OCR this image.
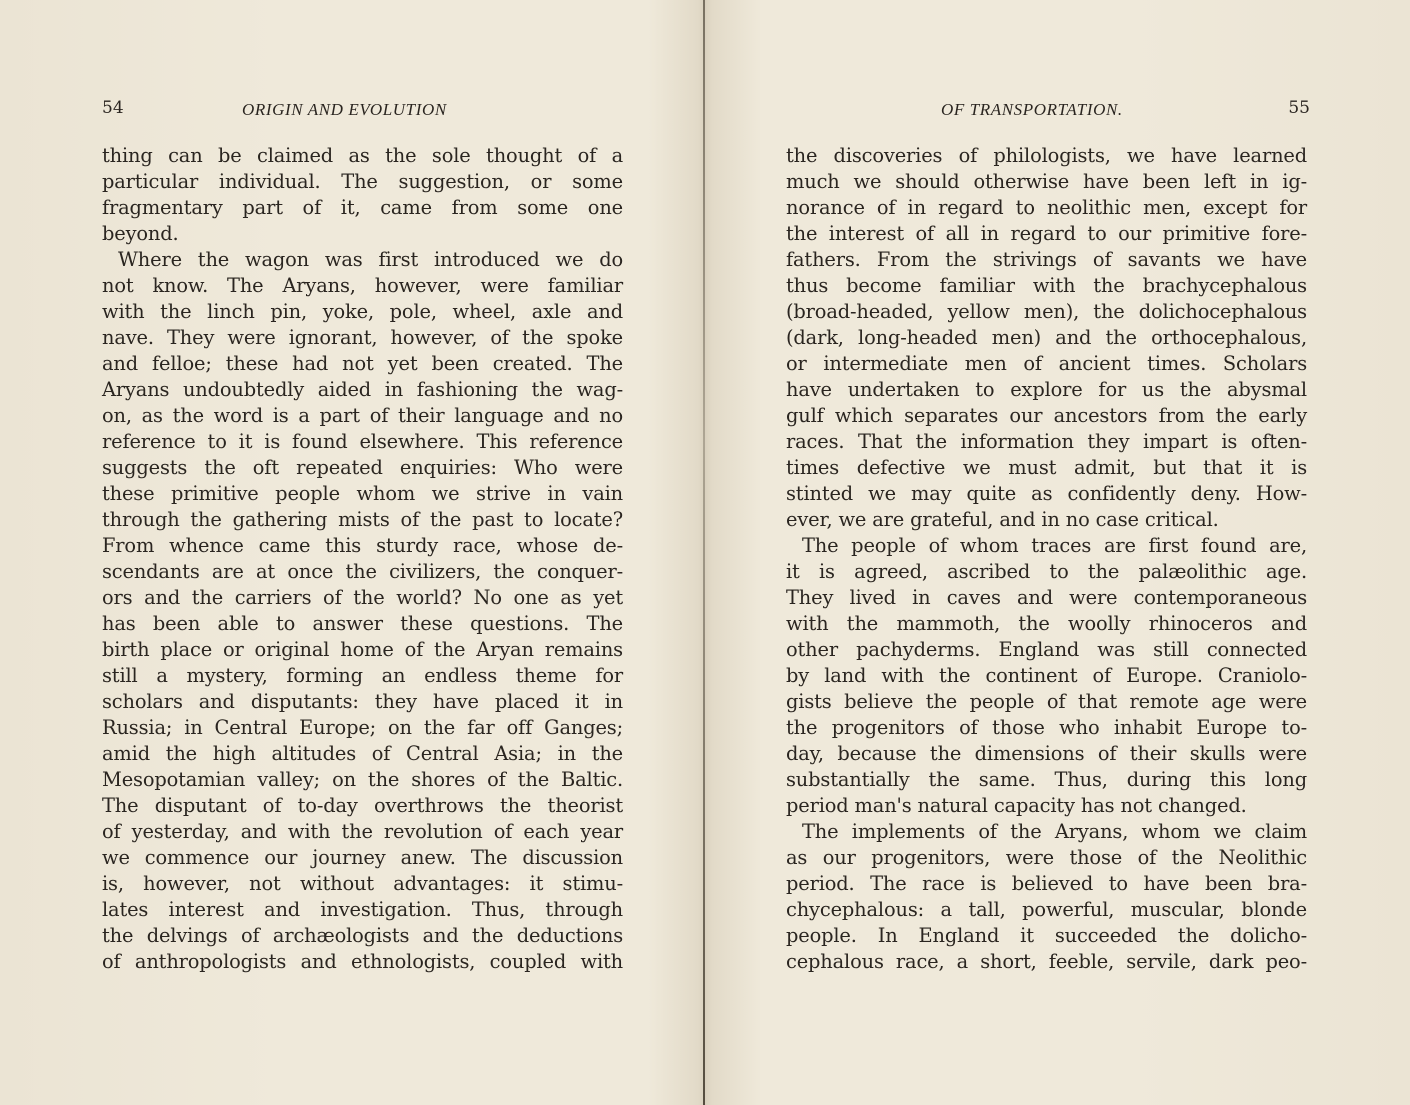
54	ORIGIN AND EVOLUTION
thing can be claimed as the sole thought of a
particular individual. The suggestion, or some
fragmentary part of it, came from some one
beyond.
Where the wagon was first introduced we do
not know. The Aryans, however, were familiar
with the linch pin, yoke, pole, wheel, axle and
nave. They were ignorant, however, of the spoke
and felloe; these had not yet been created. The
Aryans undoubtedly aided in fashioning the wag-
on, as the word is a part of their language and no
reference to it is found elsewhere. This reference
suggests the oft repeated enquiries: Who were
these primitive people whom we strive in vain
through the gathering mists of the past to locate?
From whence came this sturdy race, whose de-
scendants are at once the civilizers, the conquer-
ors and the carriers of the world? No one as yet
has been able to answer these questions. The
birth place or original home of the Aryan remains
still a mystery, forming an endless theme for
scholars and disputants: they have placed it in
Russia; in Central Europe; on the far off Ganges;
amid the high altitudes of Central Asia; in the
Mesopotamian valley; on the shores of the Baltic.
The disputant of to-day overthrows the theorist
of yesterday, and with the revolution of each year
we commence our journey anew. The discussion
is, however, not without advantages: it stimu-
lates interest and investigation. Thus, through
the delvings of archæologists and the deductions
of anthropologists and ethnologists, coupled with
OF TRANSPORTATION.	55
the discoveries of philologists, we have learned
much we should otherwise have been left in ig-
norance of in regard to neolithic men, except for
the interest of all in regard to our primitive fore-
fathers. From the strivings of savants we have
thus become familiar with the brachycephalous
(broad-headed, yellow men), the dolichocephalous
(dark, long-headed men) and the orthocephalous,
or intermediate men of ancient times. Scholars
have undertaken to explore for us the abysmal
gulf which separates our ancestors from the early
races. That the information they impart is often-
times defective we must admit, but that it is
stinted we may quite as confidently deny. How-
ever, we are grateful, and in no case critical.
The people of whom traces are first found are,
it is agreed, ascribed to the palæolithic age.
They lived in caves and were contemporaneous
with the mammoth, the woolly rhinoceros and
other pachyderms. England was still connected
by land with the continent of Europe. Craniolo-
gists believe the people of that remote age were
the progenitors of those who inhabit Europe to-
day, because the dimensions of their skulls were
substantially the same. Thus, during this long
period man's natural capacity has not changed.
The implements of the Aryans, whom we claim
as our progenitors, were those of the Neolithic
period. The race is believed to have been bra-
chycephalous: a tall, powerful, muscular, blonde
people. In England it succeeded the dolicho-
cephalous race, a short, feeble, servile, dark peo-
